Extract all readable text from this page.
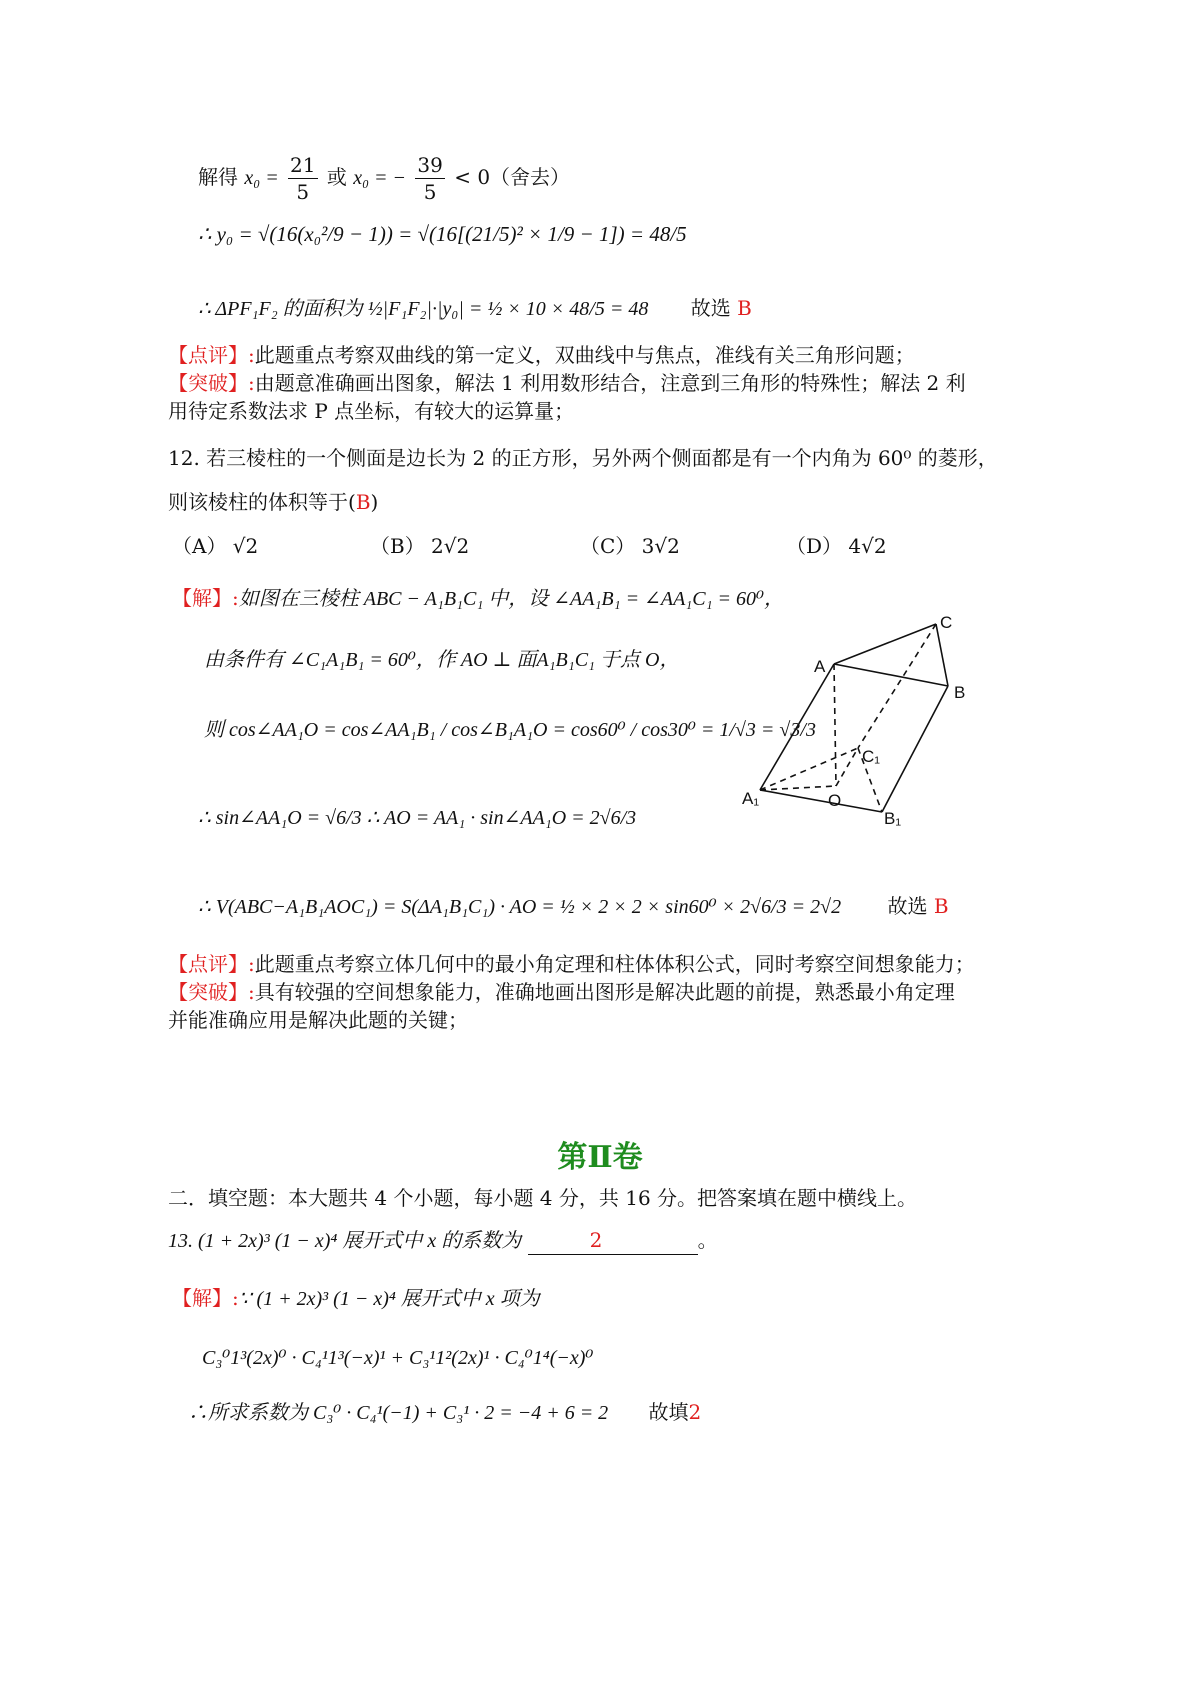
解得 $x_0 = \frac{21}{5}$ 或 x₀ = − $\frac{39}{5} < 0$（舍去）
∴ y₀ = √(16(x₀²/9 − 1)) = √(16[(21/5)² × 1/9 − 1]) = 48/5
∴ ΔPF₁F₂ 的面积为 ½|F₁F₂|·|y₀| = ½ × 10 × 48/5 = 48 故选 B
【点评】:此题重点考察双曲线的第一定义，双曲线中与焦点，准线有关三角形问题；
【突破】:由题意准确画出图象，解法 1 利用数形结合，注意到三角形的特殊性；解法 2 利
用待定系数法求 P 点坐标，有较大的运算量；
12. 若三棱柱的一个侧面是边长为 2 的正方形，另外两个侧面都是有一个内角为 60⁰ 的菱形，
则该棱柱的体积等于(B)
（A） √2	（B） 2√2	（C） 3√2	（D） 4√2
【解】:如图在三棱柱 ABC − A₁B₁C₁ 中，设 ∠AA₁B₁ = ∠AA₁C₁ = 60⁰，
由条件有 ∠C₁A₁B₁ = 60⁰，作 AO ⊥ 面A₁B₁C₁ 于点 O，
则 cos∠AA₁O = cos∠AA₁B₁ / cos∠B₁A₁O = cos60⁰ / cos30⁰ = 1/√3 = √3/3
∴ sin∠AA₁O = √6/3 ∴ AO = AA₁ · sin∠AA₁O = 2√6/3
∴ V(ABC−A₁B₁AOC₁) = S(ΔA₁B₁C₁) · AO = ½ × 2 × 2 × sin60⁰ × 2√6/3 = 2√2 故选 B
【点评】:此题重点考察立体几何中的最小角定理和柱体体积公式，同时考察空间想象能力；
【突破】:具有较强的空间想象能力，准确地画出图形是解决此题的前提，熟悉最小角定理
并能准确应用是解决此题的关键；
A
C
B
C₁
A₁	O
B₁
第Ⅱ卷
二．填空题：本大题共 4 个小题，每小题 4 分，共 16 分。把答案填在题中横线上。
13. (1 + 2x)³ (1 − x)⁴ 展开式中 x 的系数为	2	。
【解】:∵ (1 + 2x)³ (1 − x)⁴ 展开式中 x 项为
C₃⁰1³(2x)⁰ · C₄¹1³(−x)¹ + C₃¹1²(2x)¹ · C₄⁰1⁴(−x)⁰
∴所求系数为 C₃⁰ · C₄¹(−1) + C₃¹ · 2 = −4 + 6 = 2 故填2
